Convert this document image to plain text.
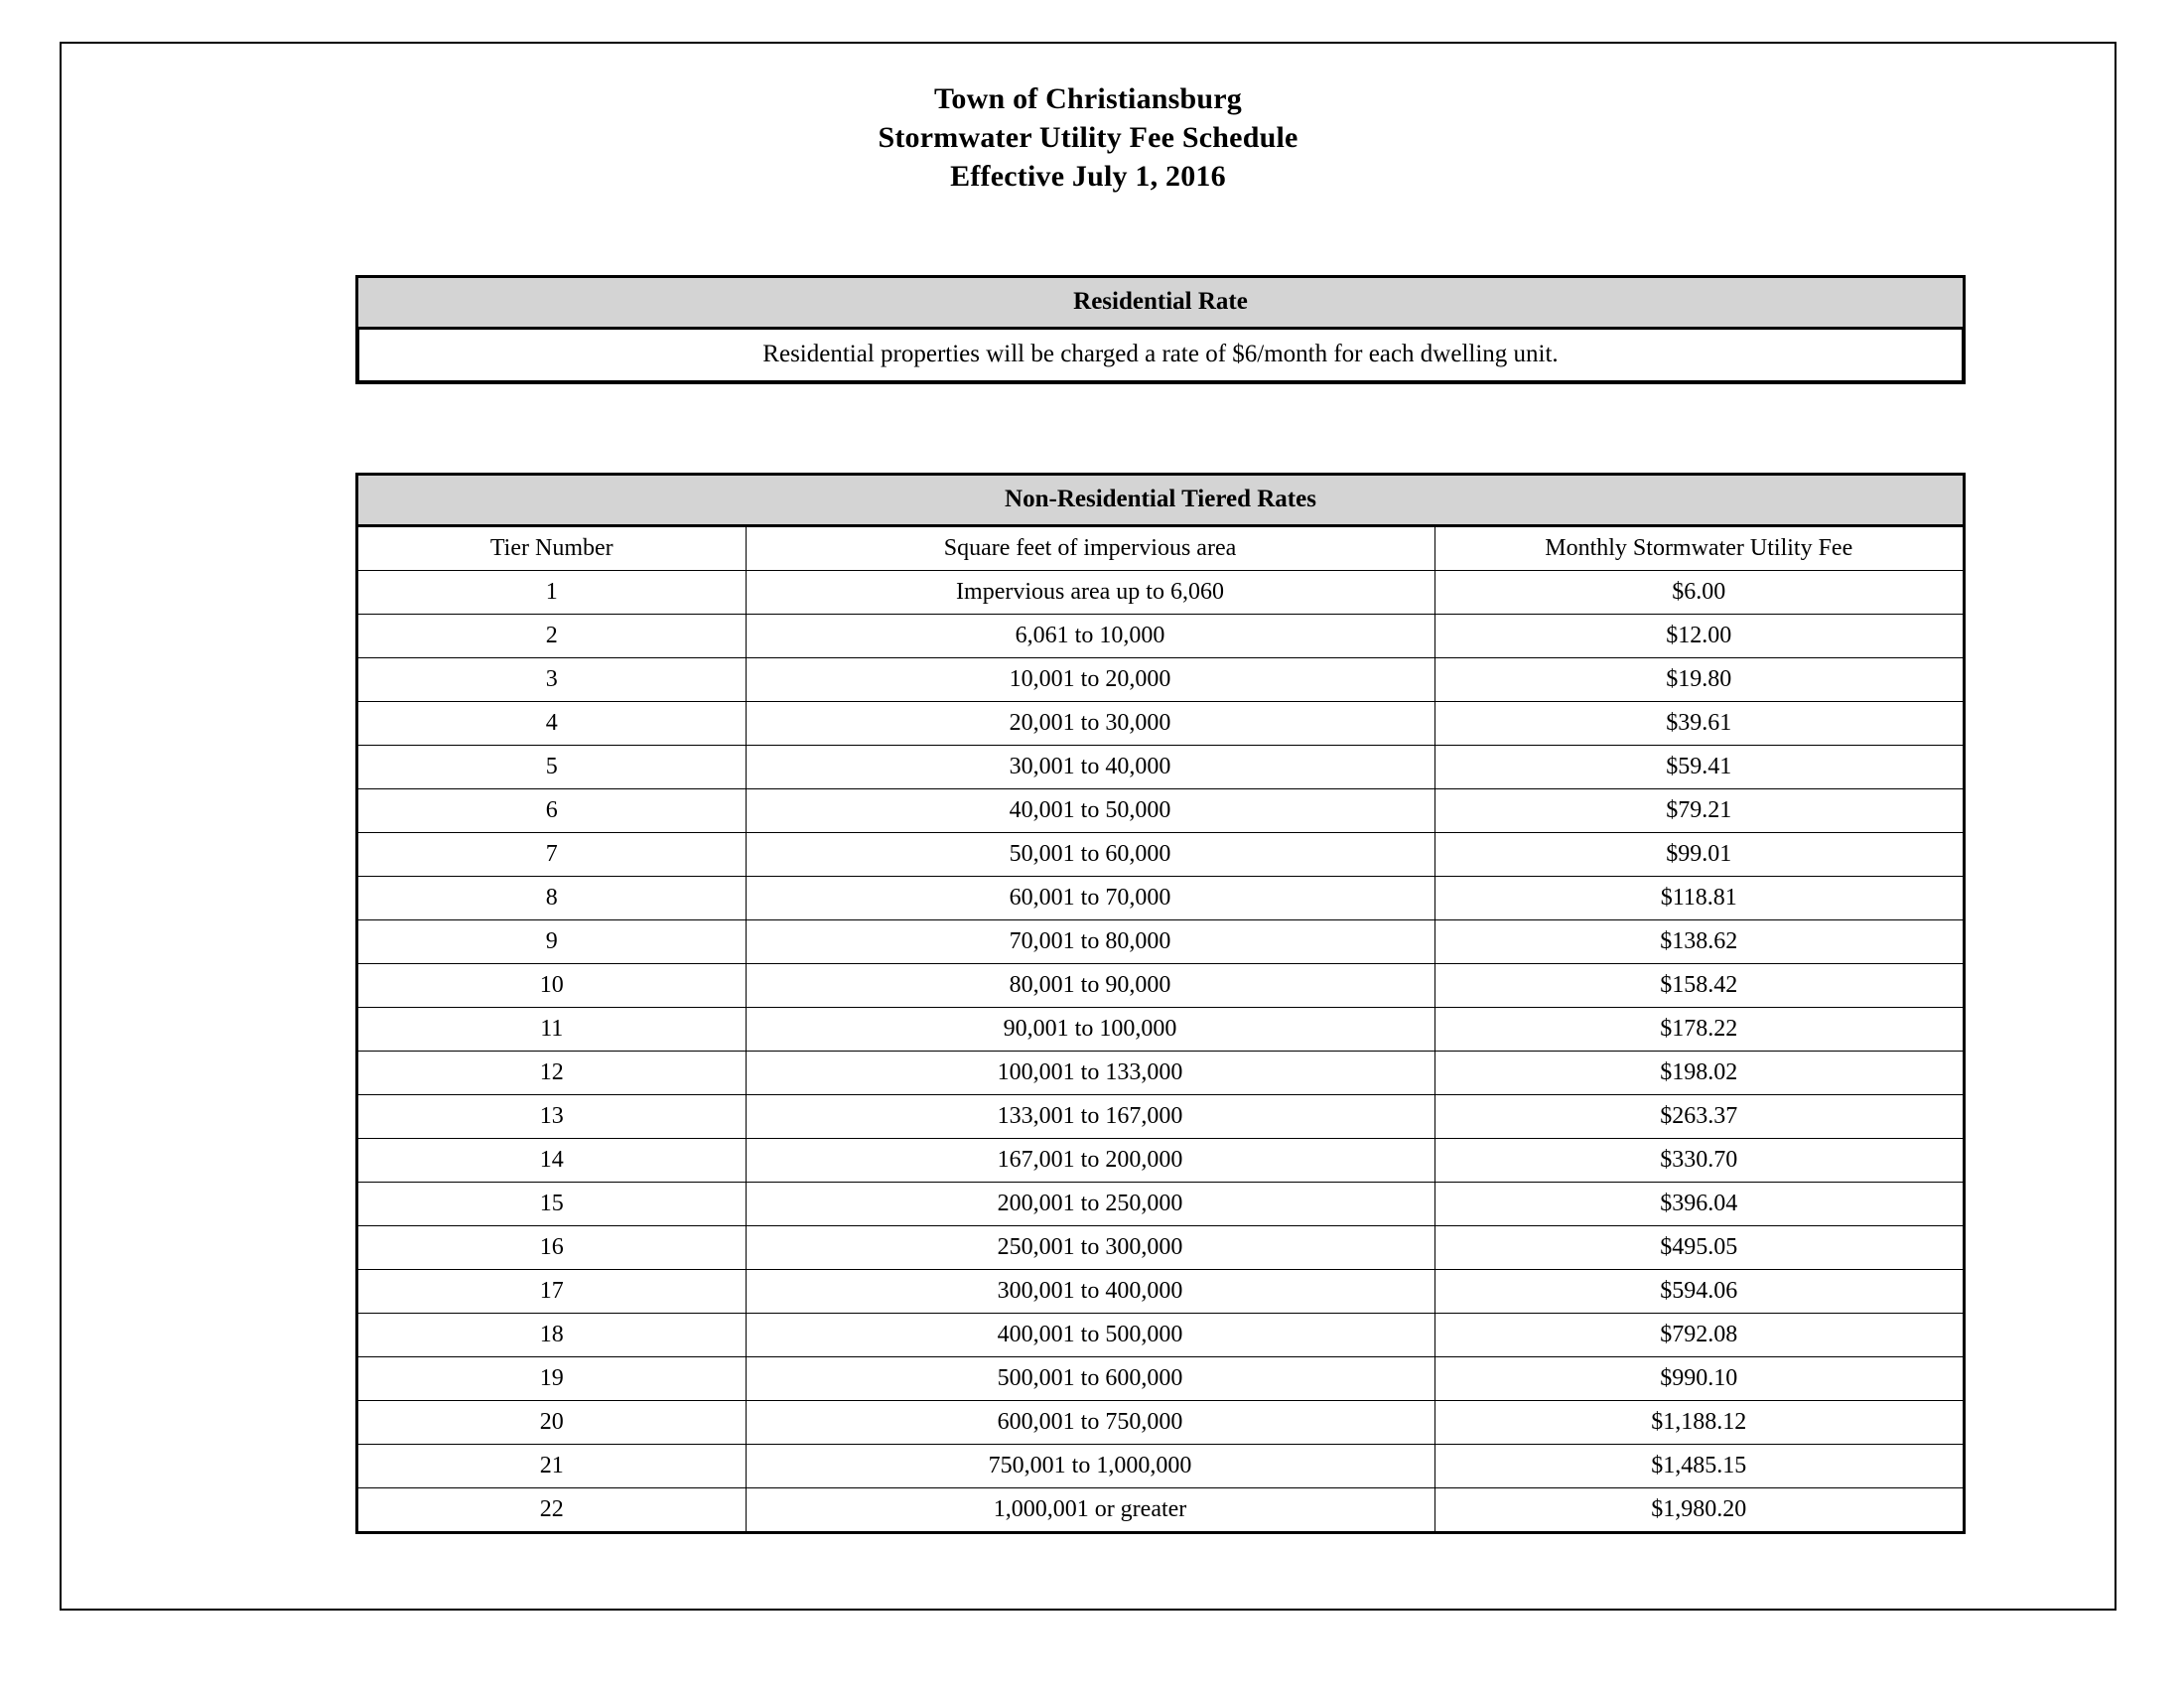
Town of Christiansburg
Stormwater Utility Fee Schedule
Effective July 1, 2016
Residential Rate
Residential properties will be charged a rate of $6/month for each dwelling unit.
Non-Residential Tiered Rates
Tier Number	Square feet of impervious area	Monthly Stormwater Utility Fee
1	Impervious area up to 6,060	$6.00
2	6,061 to 10,000	$12.00
3	10,001 to 20,000	$19.80
4	20,001 to 30,000	$39.61
5	30,001 to 40,000	$59.41
6	40,001 to 50,000	$79.21
7	50,001 to 60,000	$99.01
8	60,001 to 70,000	$118.81
9	70,001 to 80,000	$138.62
10	80,001 to 90,000	$158.42
11	90,001 to 100,000	$178.22
12	100,001 to 133,000	$198.02
13	133,001 to 167,000	$263.37
14	167,001 to 200,000	$330.70
15	200,001 to 250,000	$396.04
16	250,001 to 300,000	$495.05
17	300,001 to 400,000	$594.06
18	400,001 to 500,000	$792.08
19	500,001 to 600,000	$990.10
20	600,001 to 750,000	$1,188.12
21	750,001 to 1,000,000	$1,485.15
22	1,000,001 or greater	$1,980.20
